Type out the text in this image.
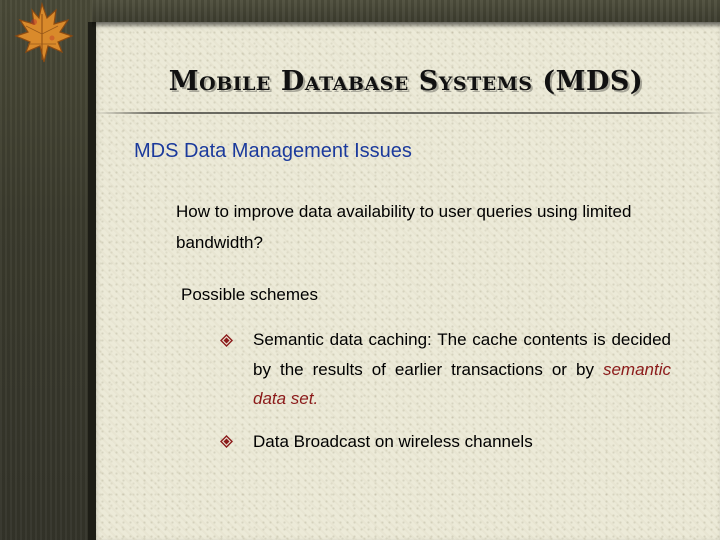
Mobile Database Systems (MDS)
MDS Data Management Issues

How to improve data availability to user queries using limited bandwidth?

Possible schemes

Semantic data caching: The cache contents is decided by the results of earlier transactions or by semantic data set.

Data Broadcast on wireless channels
